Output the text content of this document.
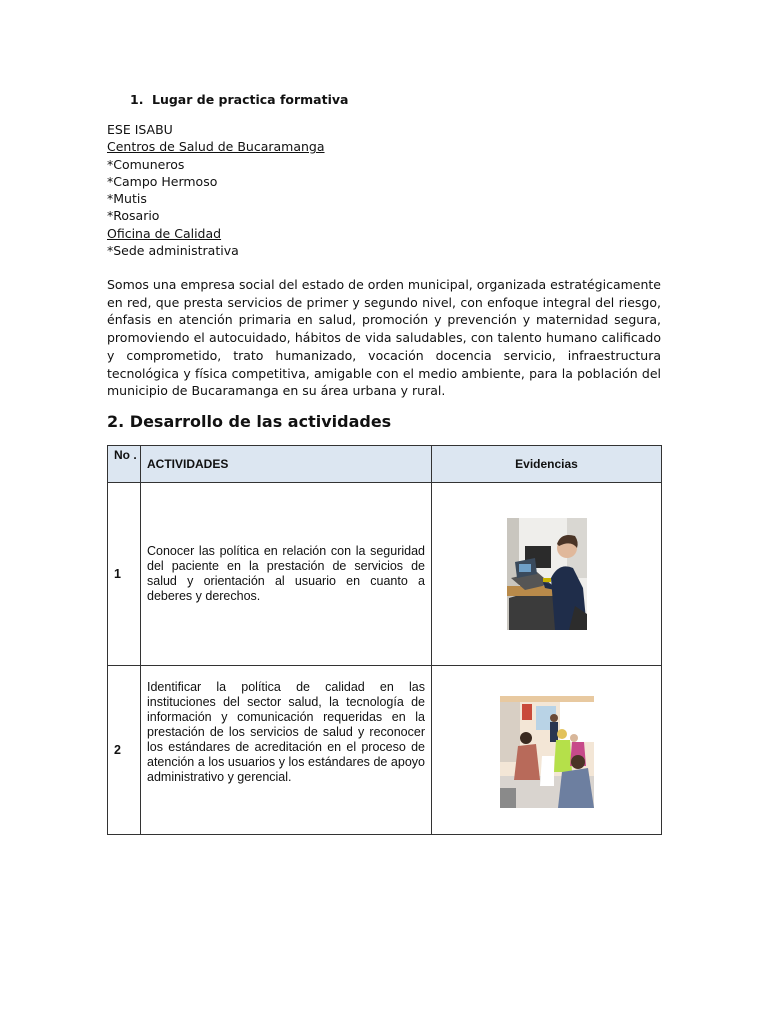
1. Lugar de practica formativa
ESE ISABU
Centros de Salud de Bucaramanga
*Comuneros
*Campo Hermoso
*Mutis
*Rosario
Oficina de Calidad
*Sede administrativa
Somos una empresa social del estado de orden municipal, organizada estratégicamente en red, que presta servicios de primer y segundo nivel, con enfoque integral del riesgo, énfasis en atención primaria en salud, promoción y prevención y maternidad segura, promoviendo el autocuidado, hábitos de vida saludables, con talento humano calificado y comprometido, trato humanizado, vocación docencia servicio, infraestructura tecnológica y física competitiva, amigable con el medio ambiente, para la población del municipio de Bucaramanga en su área urbana y rural.
2. Desarrollo de las actividades
No .	ACTIVIDADES	Evidencias
1	Conocer las política en relación con la seguridad del paciente en la prestación de servicios de salud y orientación al usuario en cuanto a deberes y derechos.	

2	Identificar la política de calidad en las instituciones del sector salud, la tecnología de información y comunicación requeridas en la prestación de los servicios de salud y reconocer los estándares de acreditación en el proceso de atención a los usuarios y los estándares de apoyo administrativo y gerencial.	
